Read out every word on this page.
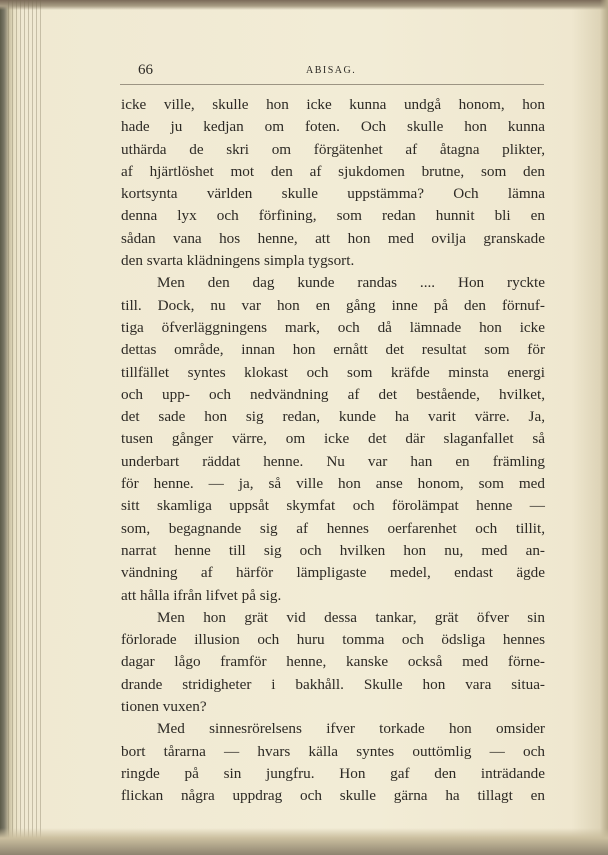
66	ABISAG.
icke ville, skulle hon icke kunna undgå honom, hon
hade ju kedjan om foten. Och skulle hon kunna
uthärda de skri om förgätenhet af åtagna plikter,
af hjärtlöshet mot den af sjukdomen brutne, som den
kortsynta världen skulle uppstämma? Och lämna
denna lyx och förfining, som redan hunnit bli en
sådan vana hos henne, att hon med ovilja granskade
den svarta klädningens simpla tygsort.
Men den dag kunde randas .... Hon ryckte
till. Dock, nu var hon en gång inne på den förnuf-
tiga öfverläggningens mark, och då lämnade hon icke
dettas område, innan hon ernått det resultat som för
tillfället syntes klokast och som kräfde minsta energi
och upp- och nedvändning af det bestående, hvilket,
det sade hon sig redan, kunde ha varit värre. Ja,
tusen gånger värre, om icke det där slaganfallet så
underbart räddat henne. Nu var han en främling
för henne. — ja, så ville hon anse honom, som med
sitt skamliga uppsåt skymfat och förolämpat henne —
som, begagnande sig af hennes oerfarenhet och tillit,
narrat henne till sig och hvilken hon nu, med an-
vändning af härför lämpligaste medel, endast ägde
att hålla ifrån lifvet på sig.
Men hon grät vid dessa tankar, grät öfver sin
förlorade illusion och huru tomma och ödsliga hennes
dagar lågo framför henne, kanske också med förne-
drande stridigheter i bakhåll. Skulle hon vara situa-
tionen vuxen?
Med sinnesrörelsens ifver torkade hon omsider
bort tårarna — hvars källa syntes outtömlig — och
ringde på sin jungfru. Hon gaf den inträdande
flickan några uppdrag och skulle gärna ha tillagt en
